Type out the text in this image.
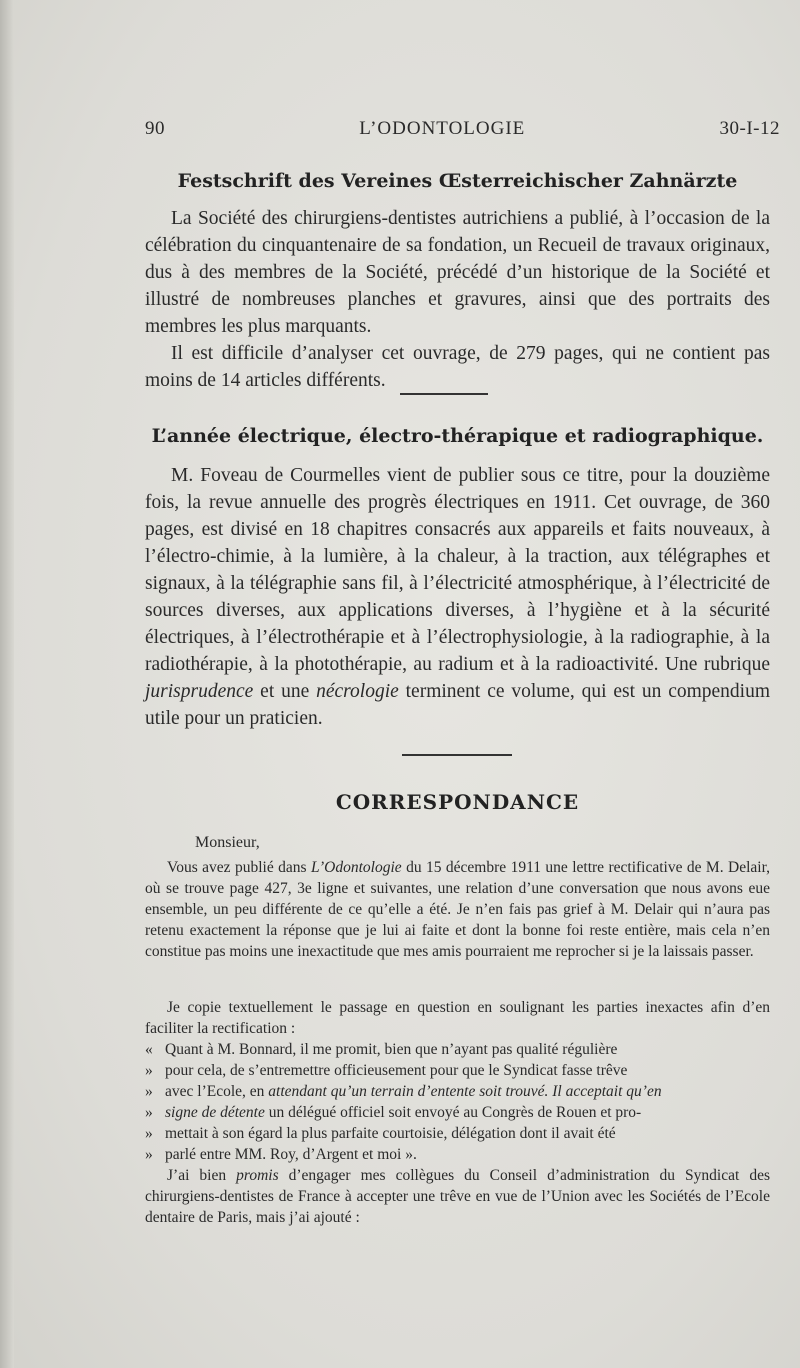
90	L’ODONTOLOGIE	30-I-12
Festschrift des Vereines Œsterreichischer Zahnärzte

La Société des chirurgiens-dentistes autrichiens a publié, à l’occasion de la célébration du cinquantenaire de sa fondation, un Recueil de travaux originaux, dus à des membres de la Société, précédé d’un historique de la Société et illustré de nombreuses planches et gravures, ainsi que des portraits des membres les plus marquants.

Il est difficile d’analyser cet ouvrage, de 279 pages, qui ne contient pas moins de 14 articles différents.

L’année électrique, électro-thérapique et radiographique.

M. Foveau de Courmelles vient de publier sous ce titre, pour la douzième fois, la revue annuelle des progrès électriques en 1911. Cet ouvrage, de 360 pages, est divisé en 18 chapitres consacrés aux appareils et faits nouveaux, à l’électro-chimie, à la lumière, à la chaleur, à la traction, aux télégraphes et signaux, à la télégraphie sans fil, à l’électricité atmosphérique, à l’électricité de sources diverses, aux applications diverses, à l’hygiène et à la sécurité électriques, à l’électrothérapie et à l’électrophysiologie, à la radiographie, à la radiothérapie, à la photothérapie, au radium et à la radioactivité. Une rubrique jurisprudence et une nécrologie terminent ce volume, qui est un compendium utile pour un praticien.

CORRESPONDANCE
Monsieur,

Vous avez publié dans L’Odontologie du 15 décembre 1911 une lettre rectificative de M. Delair, où se trouve page 427, 3e ligne et suivantes, une relation d’une conversation que nous avons eue ensemble, un peu différente de ce qu’elle a été. Je n’en fais pas grief à M. Delair qui n’aura pas retenu exactement la réponse que je lui ai faite et dont la bonne foi reste entière, mais cela n’en constitue pas moins une inexactitude que mes amis pourraient me reprocher si je la laissais passer.

Je copie textuellement le passage en question en soulignant les parties inexactes afin d’en faciliter la rectification :

« Quant à M. Bonnard, il me promit, bien que n’ayant pas qualité régulière
» pour cela, de s’entremettre officieusement pour que le Syndicat fasse trêve
» avec l’Ecole, en attendant qu’un terrain d’entente soit trouvé. Il acceptait qu’en
» signe de détente un délégué officiel soit envoyé au Congrès de Rouen et pro-
» mettait à son égard la plus parfaite courtoisie, délégation dont il avait été
» parlé entre MM. Roy, d’Argent et moi ».

J’ai bien promis d’engager mes collègues du Conseil d’administration du Syndicat des chirurgiens-dentistes de France à accepter une trêve en vue de l’Union avec les Sociétés de l’Ecole dentaire de Paris, mais j’ai ajouté :
